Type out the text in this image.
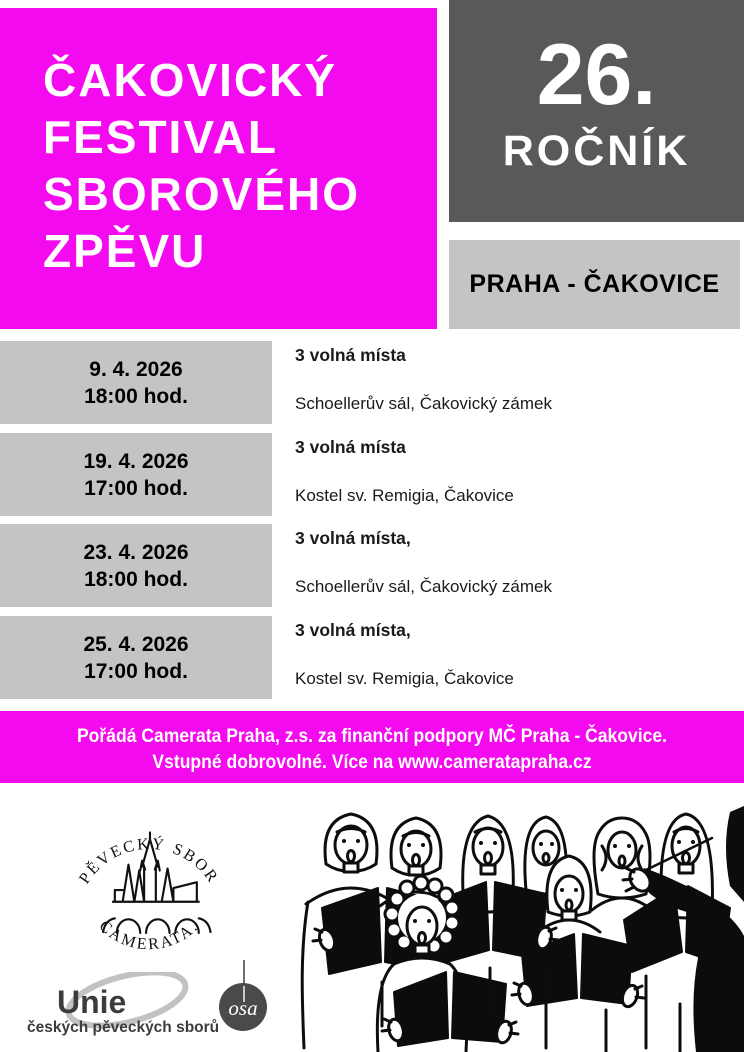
ČAKOVICKÝ
FESTIVAL
SBOROVÉHO
ZPĚVU
26.
ROČNÍK
PRAHA - ČAKOVICE
9. 4. 2026
18:00 hod.
3 volná místa
Schoellerův sál, Čakovický zámek
19. 4. 2026
17:00 hod.
3 volná místa
Kostel sv. Remigia, Čakovice
23. 4. 2026
18:00 hod.
3 volná místa,
Schoellerův sál, Čakovický zámek
25. 4. 2026
17:00 hod.
3 volná místa,
Kostel sv. Remigia, Čakovice
Pořádá Camerata Praha, z.s. za finanční podpory MČ Praha - Čakovice.
Vstupné dobrovolné. Více na www.cameratapraha.cz
PĚVECKÝ SBOR
CAMERATA.
Unie
českých pěveckých sborů
osa
